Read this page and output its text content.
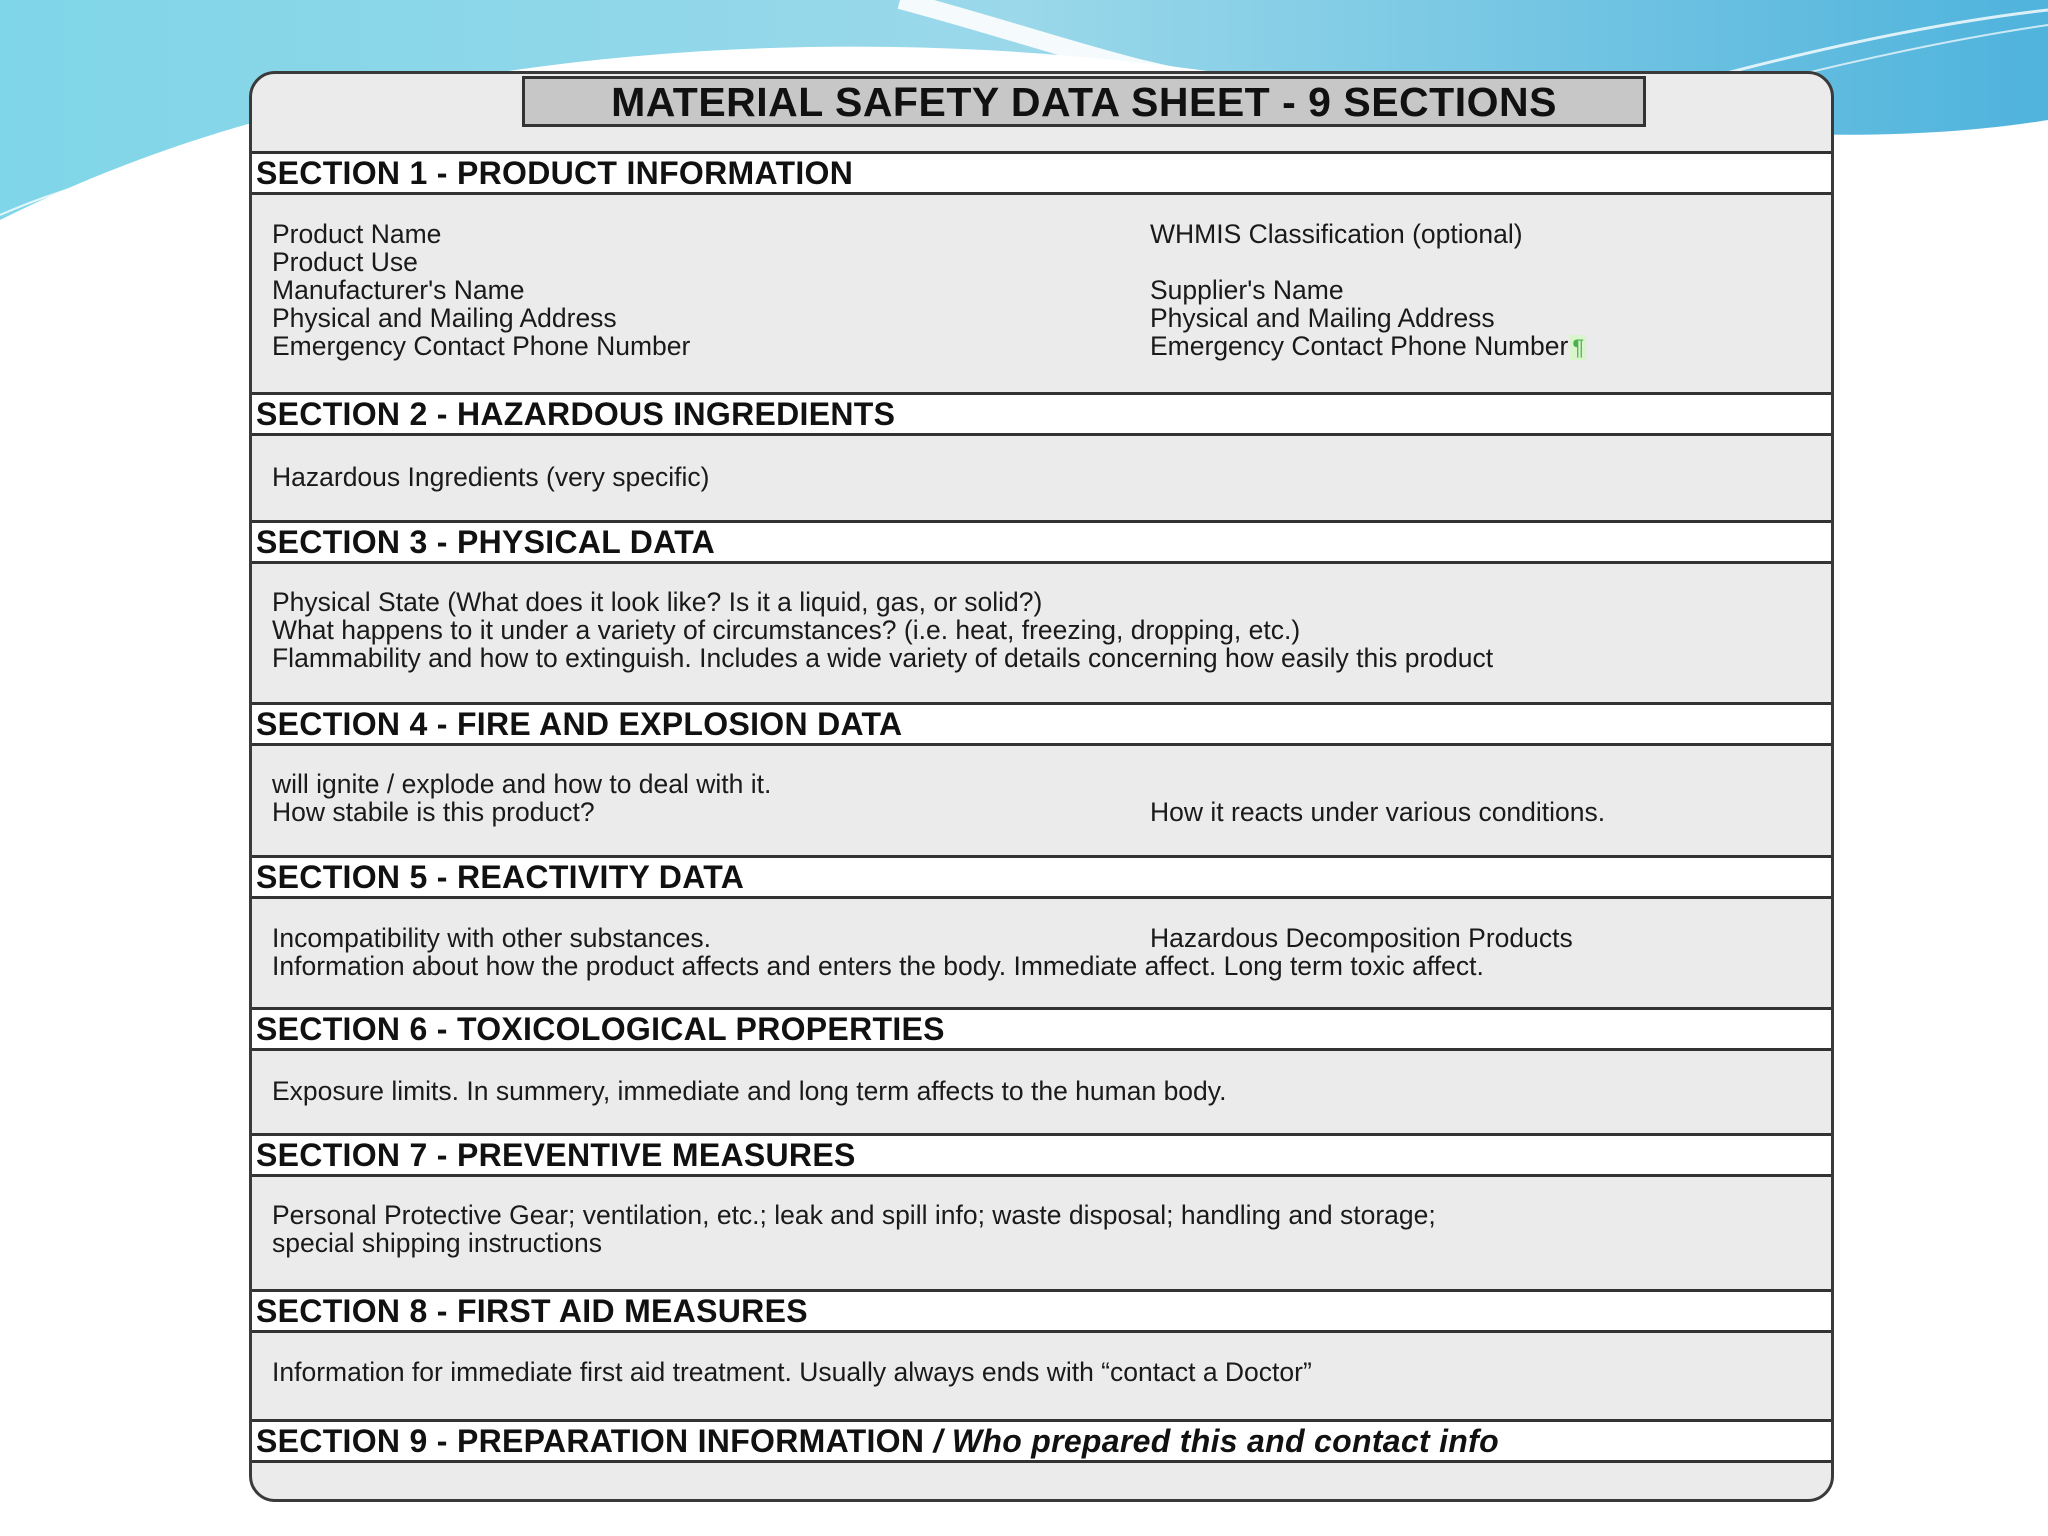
MATERIAL SAFETY DATA SHEET - 9 SECTIONS
SECTION 1 - PRODUCT INFORMATION
Product Name	WHMIS Classification (optional)
Product Use
Manufacturer's Name	Supplier's Name
Physical and Mailing Address	Physical and Mailing Address
Emergency Contact Phone Number	Emergency Contact Phone Number ¶
SECTION 2 - HAZARDOUS INGREDIENTS
Hazardous Ingredients (very specific)
SECTION 3 - PHYSICAL DATA
Physical State (What does it look like? Is it a liquid, gas, or solid?)
What happens to it under a variety of circumstances? (i.e. heat, freezing, dropping, etc.)
Flammability and how to extinguish. Includes a wide variety of details concerning how easily this product
SECTION 4 - FIRE AND EXPLOSION DATA
will ignite / explode and how to deal with it.
How stabile is this product?	How it reacts under various conditions.
SECTION 5 - REACTIVITY DATA
Incompatibility with other substances.	Hazardous Decomposition Products
Information about how the product affects and enters the body. Immediate affect. Long term toxic affect.
SECTION 6 - TOXICOLOGICAL PROPERTIES
Exposure limits. In summery, immediate and long term affects to the human body.
SECTION 7 - PREVENTIVE MEASURES
Personal Protective Gear; ventilation, etc.; leak and spill info; waste disposal; handling and storage;
special shipping instructions
SECTION 8 - FIRST AID MEASURES
Information for immediate first aid treatment. Usually always ends with “contact a Doctor”
SECTION 9 - PREPARATION INFORMATION / Who prepared this and contact info
